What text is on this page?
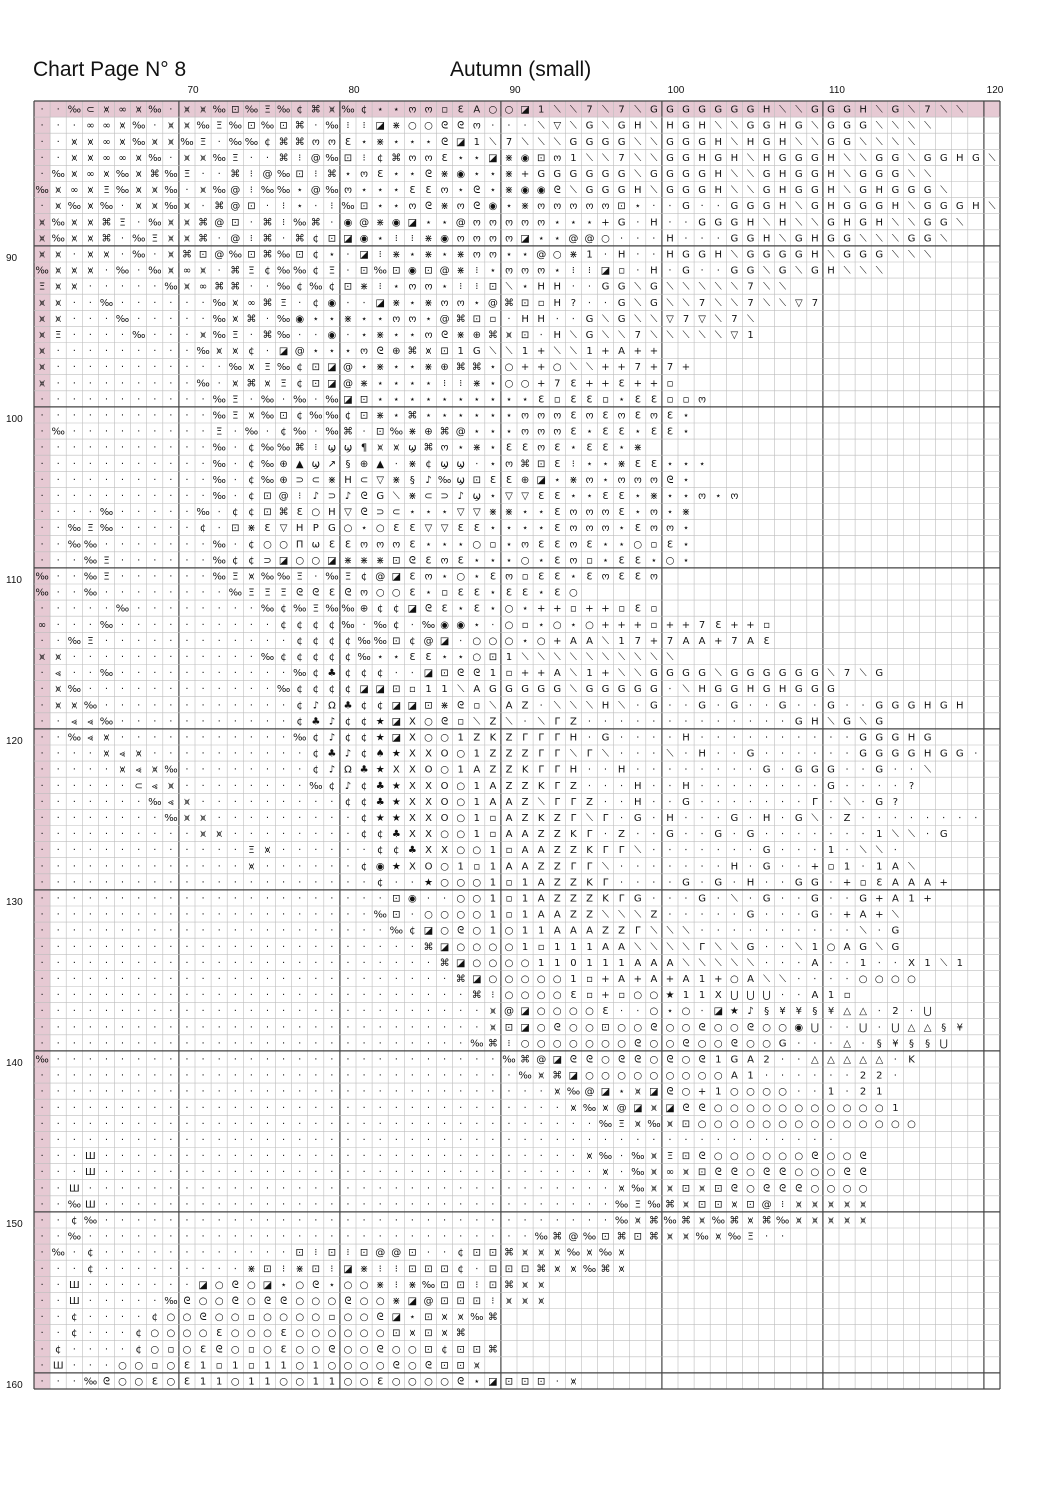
Chart Page N° 8	Autumn (small)
70	80	90	100	110	120
90
100
110
120
130
140
150
160
· · ‰ ⊂ ⩙ ∞ ⩙ ‰ · ⩙ ⩙ ‰ ⊡ ‰ Ξ ‰ ¢ ⌘ ⩙ ‰ ¢ ⋆ ⋆ ო ო ▫ Ɛ A ○ ○ ◪ 1 ⟍ ⟍ 7 ⟍ 7 ⟍ G G G G G G G H ⟍ ⟍ G G G H ⟍ G ⟍ 7 ⟍ ⟍
· · ⋅ ∞ ∞ ⩙ ‰ · ⩙ ⩙ ‰ Ξ ‰ ⊡ ‰ ⊡ ⌘ · ‰ ⁝ ⁝ ◪ ⋇ ○ ○ ᘓ ᘓ ო ⋅ ⋅ ⋅ ⟍ ▽ ⟍ G ⟍ G H ⟍ H G H ⟍ ⟍ G G H G ⟍ G G G ⟍ ⟍ ⟍ ⟍
· · ⩙ ⩙ ∞ ⩙ ‰ ⩙ ⩙ ‰ Ξ · ‰ ‰ ¢ ⌘ ⌘ ო ო Ɛ ⋆ ⋇ ⋆ ⋆ ⋆ ᘓ ◪ 1 ⟍ 7 ⟍ ⟍ ⟍ G G G G ⟍ ⟍ G G G H ⟍ H G H ⟍ ⟍ G G ⟍ ⟍ ⟍ ⟍
· · ⩙ ⩙ ∞ ∞ ⩙ ‰ · ⩙ ⩙ ‰ Ξ · · ⌘ ⁝ @ ‰ ⊡ ⁝ ¢ ⌘ ო ო Ɛ ⋆ ⋆ ◪ ⋇ ◉ ⊡ ო 1 ⟍ ⟍ 7 ⟍ ⟍ G G H G H ⟍ H G G G H ⟍ ⟍ G G ⟍ G G H G ⟍
· ‰ ⩙ ∞ ⩙ ‰ ⩙ ⌘ ‰ Ξ · · ⌘ ⁝ @ ‰ ⊡ ⁝ ⌘ ⋆ ო Ɛ ⋆ ⋆ ᘓ ⋇ ◉ ⋆ ⋆ ⋇ + G G G G G G ⟍ G G G G H ⟍ ⟍ G H G G H ⟍ G G G ⟍ ⟍
‰ ⩙ ∞ ⩙ Ξ ‰ ⩙ ⩙ ‰ · ⩙ ‰ @ ⁝ ‰ ‰ ⋆ @ ‰ ო ⋆ ⋆ ⋆ Ɛ Ɛ ო ⋆ ᘓ ⋆ ⋇ ◉ ◉ ᘓ ⟍ G G G H ⟍ G G G H ⟍ ⟍ G H G G H ⟍ G H G G G ⟍
· ⩙ ‰ ⩙ ‰ · ⩙ ⩙ ‰ ⩙ ⋅ ⌘ @ ⊡ · ⁝ ⋆ ⋅ ⁝ ‰ ⊡ ⋆ ⋆ ო ᘓ ⋇ ო ᘓ ◉ ⋆ ⋇ ო ო ო ო ო ⊡ ⋆ · ⋅ G · ⋅ G G G H ⟍ G H G G G H ⟍ G G G H ⟍
⩙ ‰ ⩙ ⩙ ⌘ Ξ · ‰ ⩙ ⩙ ⌘ @ ⊡ · ⌘ ⁝ ‰ ⌘ ⋅ ◉ @ ⋇ ◉ ◪ ⋆ ⋆ @ ო ო ო ო ო ⋆ ⋆ ⋆ + G · H · ⋅ G G G H ⟍ H ⟍ ⟍ G H G H ⟍ ⟍ G G ⟍
⩙ ‰ ⩙ ⩙ ⌘ · ‰ Ξ ⩙ ⩙ ⌘ · @ ⁝ ⌘ · ⌘ ¢ ⊡ ◪ ◉ ⋆ ⁝ ⁝ ⋇ ◉ ო ო ო ო ◪ ⋆ ⋆ @ @ ○ ⋅ ⋅ ⋅ H ⋅ ⋅ ⋅ G G H ⟍ G H G G ⟍ ⟍ ⟍ G G ⟍
⩙ ⩙ · ⩙ ⩙ · ‰ · ⩙ ⌘ ⊡ @ ‰ ⊡ ⌘ ‰ ⊡ ¢ ⋆ ⋅ ◪ ⁝ ⋇ ⋆ ⋇ ⋆ ⋇ ო ო ⋆ ⋆ @ ○ ⋇ 1 ⋅ H · ⋅ H G G H ⟍ G G G G H ⟍ G G G ⟍ ⟍ ⟍
‰ ⩙ ⩙ ⩙ · ‰ · ‰ ⩙ ∞ ⩙ ⋅ ⌘ Ξ ¢ ‰ ‰ ¢ Ξ ⋅ ⊡ ‰ ⊡ ◉ ⊡ @ ⋇ ⁝ ⋆ ო ო ო ⋆ ⁝ ⁝ ◪ ▫ · H · G · ⋅ G G ⟍ G ⟍ G H ⟍ ⟍ ⟍
Ξ ⩙ ⩙ · · · · · ‰ ⩙ ∞ ⌘ ⌘ · ⋅ ‰ ¢ ‰ ¢ ⊡ ⋇ ⁝ ⋆ ო ო ⋆ ⁝ ⁝ ⊡ ⟍ ⋆ H H · ⋅ G G ⟍ G ⟍ ⟍ ⟍ ⟍ ⟍ 7 ⟍ ⟍
⩙ ⩙ · · ‰ · · · · · · ‰ ⩙ ∞ ⌘ Ξ · ¢ ◉ ⋅ ⋅ ◪ ⋇ ⋆ ⋇ ო ო ⋆ @ ⌘ ⊡ ▫ H ? ⋅ ⋅ G ⟍ G ⟍ ⟍ 7 ⟍ ⟍ 7 ⟍ ⟍ ▽ 7
⩙ ⩙ · · · ‰ · · · · · ‰ ⩙ ⌘ · ‰ ◉ ⋆ ⋆ ⋇ ⋆ ⋆ ო ო ⋆ @ ⌘ ⊡ ▫ · H H ⋅ ⋅ G ⟍ G ⟍ ⟍ ▽ 7 ▽ ⟍ 7 ⟍
⩙ Ξ · · · · ‰ · · · ⩙ ‰ Ξ · ⌘ ‰ ⋅ ⋅ ◉ ⋅ ⋆ ⋇ ⋆ ⋆ ო ᘓ ⋇ ⊕ ⌘ ⩙ ⊡ ⋅ H ⟍ G ⟍ ⟍ 7 ⟍ ⟍ ⟍ ⟍ ⟍ ▽ 1
⩙ · · · · · · · · · ‰ ⩙ ⩙ ¢ ⋅ ◪ @ ⋆ ⋆ ⋆ ო ᘓ ⊕ ⌘ ⩙ ⊡ 1 G ⟍ ⟍ 1 + ⟍ ⟍ 1 + A + +
⩙ · · · · · · · · · · · ‰ ⩙ Ξ ‰ ¢ ⊡ ◪ @ ⋆ ⋇ ⋆ ⋆ ⋇ ⊕ ⌘ ⌘ ⋆ ○ + + ○ ⟍ ⟍ + + 7 + 7 +
⩙ · · · · · · · · · ‰ · ⩙ ⌘ ⩙ Ξ ¢ ⊡ ◪ @ ⋇ ⋆ ⋆ ⋆ ⋆ ⁝ ⁝ ⋇ ⋆ ○ ○ + 7 Ɛ + + Ɛ + + ▫
· · · · · · · · · · · ‰ Ξ ⋅ ‰ ⋅ ‰ ⋅ ‰ ◪ ⊡ ⋆ ⋆ ⋆ ⋆ ⋆ ⋆ ⋆ ⋆ ⋆ ⋆ Ɛ ▫ Ɛ Ɛ ▫ ⋆ Ɛ Ɛ ▫ ▫ ო
· · · · · · · · · · · ‰ Ξ ⩙ ‰ ⊡ ¢ ‰ ‰ ¢ ⊡ ⋇ ⋆ ⌘ ⋆ ⋆ ⋆ ⋆ ⋆ ⋆ ო ო ო Ɛ ო Ɛ ო Ɛ ო Ɛ ⋆
· ‰ · · · · · · · · · Ξ ⋅ ‰ ⋅ ¢ ‰ ⋅ ‰ ⌘ ⋅ ⊡ ‰ ⋇ ⊕ ⌘ @ ⋆ ⋆ ⋆ ო ო ო Ɛ ⋆ Ɛ Ɛ ⋆ Ɛ Ɛ ⋆
· · · · · · · · · · · ‰ ⋅ ¢ ‰ ‰ ⌘ ⁝ ϣ ϣ ¶ ⩙ ⩙ ϣ ⌘ ო ⋆ ⋇ ⋆ Ɛ Ɛ ო Ɛ ⋆ Ɛ Ɛ ⋆ ⋇
· · · · · · · · · · · ‰ ⋅ ¢ ‰ ⊕ ▲ ϣ ↗ § ⊕ ▲ ⋅ ⋇ ¢ ϣ ϣ ⋅ ⋆ ო ⌘ ⊡ Ɛ ⁝ ⋆ ⋆ ⋇ Ɛ Ɛ ⋆ ⋆ ⋆
· · · · · · · · · · · ‰ ⋅ ¢ ‰ ⊕ ⊃ ⊂ ⋇ H ⊂ ▽ ⋇ § ♪ ‰ ϣ ⊡ Ɛ Ɛ ⊕ ◪ ⋆ ⋇ ო ⋆ ო ო ო ᘓ ⋆
· · · · · · · · · · · ‰ ⋅ ¢ ⊡ @ ⁝ ♪ ⊃ ♪ ᘓ G ⟍ ⋇ ⊂ ⊃ ♪ ϣ ⋆ ▽ ▽ Ɛ Ɛ ⋆ ⋆ Ɛ Ɛ ⋆ ⋇ ⋆ ⋆ ო ⋆ ო
· · · ⋅ ‰ · · · · · ‰ ⋅ ¢ ¢ ⊡ ⌘ Ɛ ○ H ▽ ᘓ ⊃ ⊂ ⋆ ⋆ ⋆ ▽ ▽ ⋇ ⋇ ⋆ ⋆ Ɛ ო ო ო Ɛ ⋆ ო ⋆ ⋇
· · ‰ Ξ ‰ · · · · · ¢ ⋅ ⊡ ⋇ Ɛ ▽ H P G ○ ⋆ ○ Ɛ Ɛ ▽ ▽ Ɛ Ɛ ⋆ ⋆ ⋆ ⋆ Ɛ ო ო ო ⋆ Ɛ ო ო ⋆
· · ‰ ‰ · · · · · · · ‰ ⋅ ¢ ○ ○ Π ω Ɛ Ɛ ო ო ო Ɛ ⋆ ⋆ ⋆ ○ ▫ ⋆ ო Ɛ Ɛ ო Ɛ ⋆ ⋆ ○ ▫ Ɛ ⋆
· · · ‰ Ξ · · · · · · ‰ ¢ ¢ ⊃ ◪ ○ ○ ◪ ⋇ ⋇ ⋇ ⊡ ᘓ Ɛ ო Ɛ ⋆ ⋆ ⋆ ○ ⋆ Ɛ ო ▫ ⋆ Ɛ Ɛ ⋆ ○ ⋆
‰ · · ‰ Ξ · · · · · · ‰ Ξ ⩙ ‰ ‰ Ξ ⋅ ‰ Ξ ¢ @ ◪ Ɛ ო ⋆ ○ ⋆ Ɛ ო ▫ Ɛ Ɛ ⋆ Ɛ ო Ɛ Ɛ ო
‰ · · ‰ · · · · · · · · ‰ Ξ Ξ Ξ ᘓ ᘓ Ɛ ᘓ ო ○ ○ Ɛ ⋆ ▫ Ɛ Ɛ ⋆ Ɛ Ɛ ⋆ Ɛ ○
· · · · · ‰ · · · · · · · · ‰ ¢ ‰ Ξ ‰ ‰ ⊕ ¢ ¢ ◪ ᘓ Ɛ ⋆ Ɛ ⋆ ○ ⋆ + + ▫ + + ▫ Ɛ ▫
∞ · · · ‰ · · · · · · · · · · ¢ ¢ ¢ ¢ ‰ · ‰ ¢ ⋅ ‰ ◉ ◉ ⋆ ⋅ ○ ▫ ⋆ ○ ⋆ ○ + + + ▫ + + 7 Ɛ + + ▫
· · ‰ Ξ · · · · · · · · · · · · ¢ ¢ ¢ ¢ ‰ ‰ ⊡ ¢ @ ◪ ⋅ ○ ○ ○ ⋆ ○ + A A ⟍ 1 7 + 7 A A + 7 A Ɛ
⩙ ⩙ · · · · · · · · · · · · ‰ ¢ ¢ ¢ ¢ ¢ ‰ ⋆ ⋆ Ɛ Ɛ ⋆ ⋆ ○ ⊡ 1 ⟍ ⟍ ⟍ ⟍ ⟍ ⟍ ⟍ ⟍ ⟍ ⟍
· ⪡ · · ‰ · · · · · · · · · · · ‰ ¢ ♣ ¢ ¢ ¢ ⋅ ⋅ ◪ ⊡ ᘓ ᘓ 1 ▫ + + A ⟍ 1 + ⟍ ⟍ G G G G ⟍ G G G G G G ⟍ 7 ⟍ G
· ⩙ ‰ · · · · · · · · · · · · ‰ ¢ ¢ ¢ ¢ ◪ ◪ ⊡ ▫ 1 1 ⟍ A G G G G G ⟍ G G G G G ⋅ ⟍ H G G H G H G G G
· ⩙ ⩙ ‰ · · · · · · · · · · · · ¢ ♪ Ω ♣ ¢ ¢ ◪ ◪ ⊡ ⋇ ᘓ ▫ ⟍ A Z ⋅ ⟍ ⟍ ⟍ H ⟍ ⋅ G ⋅ ⋅ G ⋅ G ⋅ ⋅ G ⋅ ⋅ G ⋅ ⋅ G G G H G H
· · ⪡ ⪡ ‰ · · · · · · · · · · · ¢ ♣ ♪ ¢ ¢ ★ ◪ X ○ ᘓ ▫ ⟍ Z ⟍ ⋅ ⟍ Γ Z ⋅ ⋅ ⋅ ⋅ ⋅ ⋅ ⋅ ⋅ ⋅ ⋅ ⋅ ⋅ ⋅ G H ⟍ G ⟍ G
· · ‰ ⪡ ⩙ · · · · · · · · · · · ‰ ¢ ♪ ¢ ¢ ★ ◪ X ○ ○ 1 Z K Z Γ Γ Γ H ⋅ G ⋅ ⋅ ⋅ ⋅ H ⋅ ⋅ ⋅ ⋅ ⋅ ⋅ ⋅ ⋅ ⋅ ⋅ G G G H G
· · · · ⩙ ⪡ ⩙ · · · · · · · · · · ¢ ♣ ♪ ¢ ♠ ★ X X O ○ 1 Z Z Z Γ Γ ⟍ Γ ⟍ ⋅ ⋅ ⋅ ⟍ ⋅ H ⋅ ⋅ G ⋅ ⋅ ⋅ ⋅ ⋅ ⋅ G G G G H G G ⋅
· · · · · ⩙ ⪡ ⩙ ‰ · · · · · · · · ¢ ♪ Ω ♣ ★ X X O ○ 1 A Z Z K Γ Γ H ⋅ ⋅ H ⋅ ⋅ ⋅ ⋅ ⋅ ⋅ ⋅ ⋅ G ⋅ G G G ⋅ ⋅ G ⋅ ⋅ ⟍
· · · · · · ⊂ ⪡ ⩙ · · · · · · · · ‰ ¢ ♪ ¢ ♣ ★ X X O ○ 1 A Z Z K Γ Z ⋅ ⋅ ⋅ H ⋅ ⋅ H ⋅ ⋅ ⋅ ⋅ ⋅ ⋅ ⋅ ⋅ G ⋅ ⋅ ⋅ ⋅ ?
· · · · · · · ‰ ⪡ ⩙ · · · · · · · · · ¢ ¢ ♣ ★ X X O ○ 1 A A Z ⟍ Γ Γ Z ⋅ ⋅ H ⋅ ⋅ G ⋅ ⋅ ⋅ ⋅ ⋅ ⋅ ⋅ Γ ⋅ ⟍ ⋅ G ?
· · · · · · · · ‰ ⩙ ⩙ · · · · · · · · · ¢ ★ ★ X X O ○ 1 ▫ A Z K Z Γ ⟍ Γ ⋅ G ⋅ H ⋅ ⋅ ⋅ G ⋅ H ⋅ G ⟍ ⋅ Z ⋅ ⋅ ⋅ ⋅ ⋅ ⋅ ⋅ ⋅
· · · · · · · · · · ⩙ ⩙ · · · · · · · · ¢ ¢ ♣ X X ○ ○ 1 ▫ A A Z Z K Γ ⋅ Z ⋅ ⋅ G ⋅ ⋅ G ⋅ G ⋅ ⋅ ⋅ ⋅ ⋅ ⋅ ⋅ 1 ⟍ ⟍ ⋅ G
· · · · · · · · · · · · · Ξ ⩙ · · · · · · ¢ ¢ ♣ X X ○ ○ 1 ▫ A A Z Z K Γ Γ ⟍ ⋅ ⋅ ⋅ ⋅ ⋅ ⋅ ⋅ G ⋅ ⋅ ⋅ 1 ⋅ ⟍ ⟍ ⋅
· · · · · · · · · · · · · ⩙ · · · · · · ¢ ◉ ★ X O ○ 1 ▫ 1 A A Z Z Γ Γ ⟍ ⋅ ⋅ ⋅ ⋅ ⋅ ⋅ ⋅ H ⋅ G ⋅ ⋅ + ▫ 1 ⋅ 1 A ⟍
· · · · · · · · · · · · · · · · · · · · · ¢ ⋅ ⋅ ★ ○ ○ ○ 1 ▫ 1 A Z Z K Γ ⋅ ⋅ ⋅ ⋅ G ⋅ G ⋅ H ⋅ ⋅ G G ⋅ + ▫ Ɛ A A A +
· · · · · · · · · · · · · · · · · · · · · · ⊡ ◉ ⋅ ⋅ ○ ○ 1 ▫ 1 A Z Z Z K Γ G ⋅ ⋅ ⋅ G ⋅ ⟍ ⋅ G ⋅ ⋅ G ⋅ ⋅ G + A 1 +
· · · · · · · · · · · · · · · · · · · · · ‰ ⊡ ⋅ ○ ○ ○ ○ 1 ▫ 1 A A Z Z ⟍ ⟍ ⟍ Z ⋅ ⋅ ⋅ ⋅ ⋅ G ⋅ ⋅ ⋅ G ⋅ + A + ⟍
· · · · · · · · · · · · · · · · · · · · · · ‰ ¢ ◪ ○ ᘓ ○ 1 ○ 1 1 A A A Z Z Γ ⟍ ⟍ ⟍ ⋅ ⋅ ⋅ ⋅ ⋅ ⋅ ⋅ ⋅ ⋅ ⋅ ⟍ ⋅ G
· · · · · · · · · · · · · · · · · · · · · · · · ⌘ ◪ ○ ○ ○ ○ 1 ▫ 1 1 1 A A ⟍ ⟍ ⟍ ⟍ Γ ⟍ ⟍ G ⋅ ⋅ ⟍ 1 ○ A G ⟍ G
· · · · · · · · · · · · · · · · · · · · · · · · · ⌘ ◪ ○ ○ ○ ○ 1 1 0 1 1 1 A A A ⟍ ⟍ ⟍ ⟍ ⟍ ⋅ ⋅ ⋅ A ⋅ ⋅ 1 ⋅ ⋅ X 1 ⟍ 1
· · · · · · · · · · · · · · · · · · · · · · · · · · ⌘ ◪ ○ ○ ○ ○ ○ 1 ▫ + A + A + A 1 + ○ A ⟍ ⟍ ⋅ ⋅ ⋅ ⋅ ○ ○ ○ ○
· · · · · · · · · · · · · · · · · · · · · · · · · · · ⌘ ⁝ ○ ○ ○ ○ Ɛ ▫ + ▫ ○ ○ ★ 1 1 X ⋃ ⋃ ⋃ ⋅ ⋅ A 1 ▫
· · · · · · · · · · · · · · · · · · · · · · · · · · · · ⩙ @ ◪ ○ ○ ○ ○ Ɛ ⋅ ⋅ ○ ⋆ ○ ⋅ ◪ ★ ♪ § ¥ ¥ § ¥ △ △ ⋅ 2 ⋅ ⋃
· · · · · · · · · · · · · · · · · · · · · · · · · · · · ⩙ ⊡ ◪ ○ ᘓ ○ ○ ⊡ ○ ○ ᘓ ○ ○ ᘓ ○ ○ ᘓ ○ ○ ◉ ⋃ ⋅ ⋅ ⋃ ⋅ ⋃ △ △ § ¥
· · · · · · · · · · · · · · · · · · · · · · · · · · · ‰ ⌘ ⁝ ○ ○ ○ ○ ○ ○ ○ ᘓ ○ ○ ᘓ ○ ○ ᘓ ○ ○ G ⋅ ⋅ ⋅ △ ⋅ § ¥ § § ⋃
‰ · · · · · · · · · · · · · · · · · · · · · · · · · · · · ‰ ⌘ @ ◪ ᘓ ᘓ ○ ᘓ ᘓ ○ ᘓ ○ ᘓ 1 G A 2 ⋅ ⋅ △ △ △ △ △ ⋅ K
· · · · · · · · · · · · · · · · · · · · · · · · · · · · · · ‰ ⩙ ⌘ ◪ ○ ○ ○ ○ ○ ○ ○ ○ ○ A 1 ⋅ ⋅ ⋅ ⋅ ⋅ ⋅ 2 2 ⋅
· · · · · · · · · · · · · · · · · · · · · · · · · · · · · · · · ⩙ ‰ @ ◪ ⋆ ⩙ ◪ ᘓ ○ + 1 ○ ○ ○ ○ ⋅ ⋅ 1 ⋅ 2 1
· · · · · · · · · · · · · · · · · · · · · · · · · · · · · · · · · ⩙ ‰ ⩙ @ ◪ ⩙ ◪ ᘓ ᘓ ○ ○ ○ ○ ○ ○ ○ ○ ○ ○ ○ 1
· · · · · · · · · · · · · · · · · · · · · · · · · · · · · · · · · · · ‰ Ξ ⩙ ‰ ⩙ ⊡ ○ ○ ○ ○ ○ ○ ○ ○ ○ ○ ○ ○ ○ ○
· · · · · · · · · · · · · · · · · · · · · · · · · · · · · · · · · · · · · · · · · · · · · · · · · ·
· · · Ш · · · · · · · · · · · · · · · · · · · · · · · · · · · · · · ⩙ ‰ ⋅ ‰ ⩙ Ξ ⊡ ᘓ ○ ○ ○ ○ ○ ○ ᘓ ○ ○ ᘓ
· · · Ш · · · · · · · · · · · · · · · · · · · · · · · · · · · · · · · ⩙ ⋅ ‰ ⩙ ∞ ⩙ ⊡ ᘓ ᘓ ○ ᘓ ᘓ ○ ○ ○ ᘓ ᘓ
· · Ш · · · · · · · · · · · · · · · · · · · · · · · · · · · · · · · · · ⩙ ‰ ⩙ ⩙ ⊡ ⩙ ⊡ ᘓ ○ ᘓ ᘓ ᘓ ○ ○ ○ ○
· · ‰ Ш · · · · · · · · · · · · · · · · · · · · · · · · · · · · · · · · ‰ Ξ ‰ ⌘ ⩙ ⊡ ⊡ ⩙ ⊡ @ ⁝ ⩙ ⩙ ⩙ ⩙ ⩙
· · ¢ ‰ · · · · · · · · · · · · · · · · · · · · · · · · · · · · · · · · ‰ ⩙ ⌘ ‰ ⌘ ⩙ ‰ ⌘ ⩙ ⌘ ‰ ⩙ ⩙ ⩙ ⩙ ⩙
· · ‰ · · · · · · · · · · · · · · · · · · · · · · · · · · · · ‰ ⌘ @ ‰ ⊡ ⌘ ⊡ ⌘ ⩙ ⩙ ‰ ⩙ ‰ Ξ · ·
· ‰ · ¢ · · · · · · · · · · · · ⊡ ⁝ ⊡ ⁝ ⊡ @ @ ⊡ ⋅ · ¢ ⊡ ⊡ ⌘ ⩙ ⩙ ⩙ ‰ ⩙ ‰ ⩙
· · · ¢ · · · · · · · · ⋅ ⋇ ⊡ ⁝ ⋇ ⊡ ⁝ ◪ ⋇ ⁝ ⁝ ⊡ ⊡ ⊡ ¢ ⋅ ⊡ ⊡ ⊡ ⌘ ⩙ ⩙ ‰ ⌘ ⩙
· · Ш · · · · · · · ◪ ○ ᘓ ○ ◪ ⋆ ○ ᘓ ⋆ ○ ○ ⋇ ⁝ ⋇ ‰ ⊡ ⊡ ⁝ ⊡ ⌘ ⩙ ⩙
· · Ш · · · · · ‰ ᘓ ○ ○ ᘓ ○ ᘓ ᘓ ○ ○ ○ ᘓ ○ ○ ⋇ ◪ @ ⊡ ⊡ ⊡ ⁝ ⩙ ⩙ ⩙
· · ¢ · · · · ¢ ○ ○ ᘓ ○ ○ ▫ ○ ○ ○ ○ ▫ ○ ○ ᘓ ◪ ⋆ ⊡ ⩙ ⩙ ‰ ⌘
· · ¢ · · · ¢ ○ ○ ○ ○ Ɛ ○ ○ ○ Ɛ ○ ○ ○ ○ ○ ○ ⊡ ⩙ ⊡ ⩙ ⌘
· ¢ · · · · ¢ ○ ▫ ○ Ɛ ᘓ ○ ▫ ○ Ɛ ○ ○ ᘓ ○ ○ ᘓ ○ ○ ⊡ ¢ ⊡ ⊡ ⌘
· Ш · · ⋅ ○ ○ ▫ ○ Ɛ 1 ▫ 1 ▫ 1 1 ○ 1 ○ ○ ○ ○ ᘓ ○ ᘓ ⊡ ⊡ ⩙
· · · ‰ ᘓ ○ ○ Ɛ ○ Ɛ 1 1 ○ 1 1 ○ ○ 1 1 ○ ○ Ɛ ○ ○ ○ ○ ᘓ ⋆ ◪ ⊡ ⊡ ⊡ ⋅ ⩙
